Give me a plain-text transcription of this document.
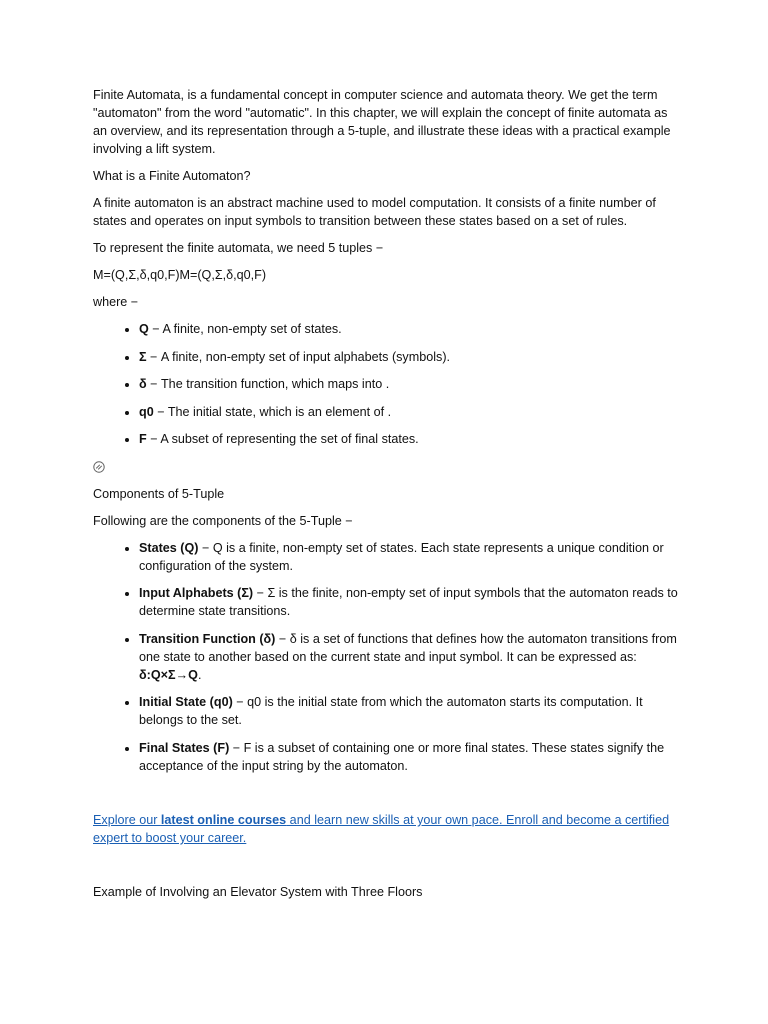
Finite Automata, is a fundamental concept in computer science and automata theory. We get the term "automaton" from the word "automatic". In this chapter, we will explain the concept of finite automata as an overview, and its representation through a 5-tuple, and illustrate these ideas with a practical example involving a lift system.

What is a Finite Automaton?

A finite automaton is an abstract machine used to model computation. It consists of a finite number of states and operates on input symbols to transition between these states based on a set of rules.

To represent the finite automata, we need 5 tuples −

M=(Q,Σ,δ,q0,F)M=(Q,Σ,δ,q0,F)

where −

• Q − A finite, non-empty set of states.
• Σ − A finite, non-empty set of input alphabets (symbols).
• δ − The transition function, which maps into .
• q0 − The initial state, which is an element of .
• F − A subset of representing the set of final states.

Components of 5-Tuple

Following are the components of the 5-Tuple −

• States (Q) − Q is a finite, non-empty set of states. Each state represents a unique condition or configuration of the system.
• Input Alphabets (Σ) − Σ is the finite, non-empty set of input symbols that the automaton reads to determine state transitions.
• Transition Function (δ) − δ is a set of functions that defines how the automaton transitions from one state to another based on the current state and input symbol. It can be expressed as: δ:Q×Σ→Q.
• Initial State (q0) − q0 is the initial state from which the automaton starts its computation. It belongs to the set.
• Final States (F) − F is a subset of containing one or more final states. These states signify the acceptance of the input string by the automaton.

Explore our latest online courses and learn new skills at your own pace. Enroll and become a certified expert to boost your career.

Example of Involving an Elevator System with Three Floors
